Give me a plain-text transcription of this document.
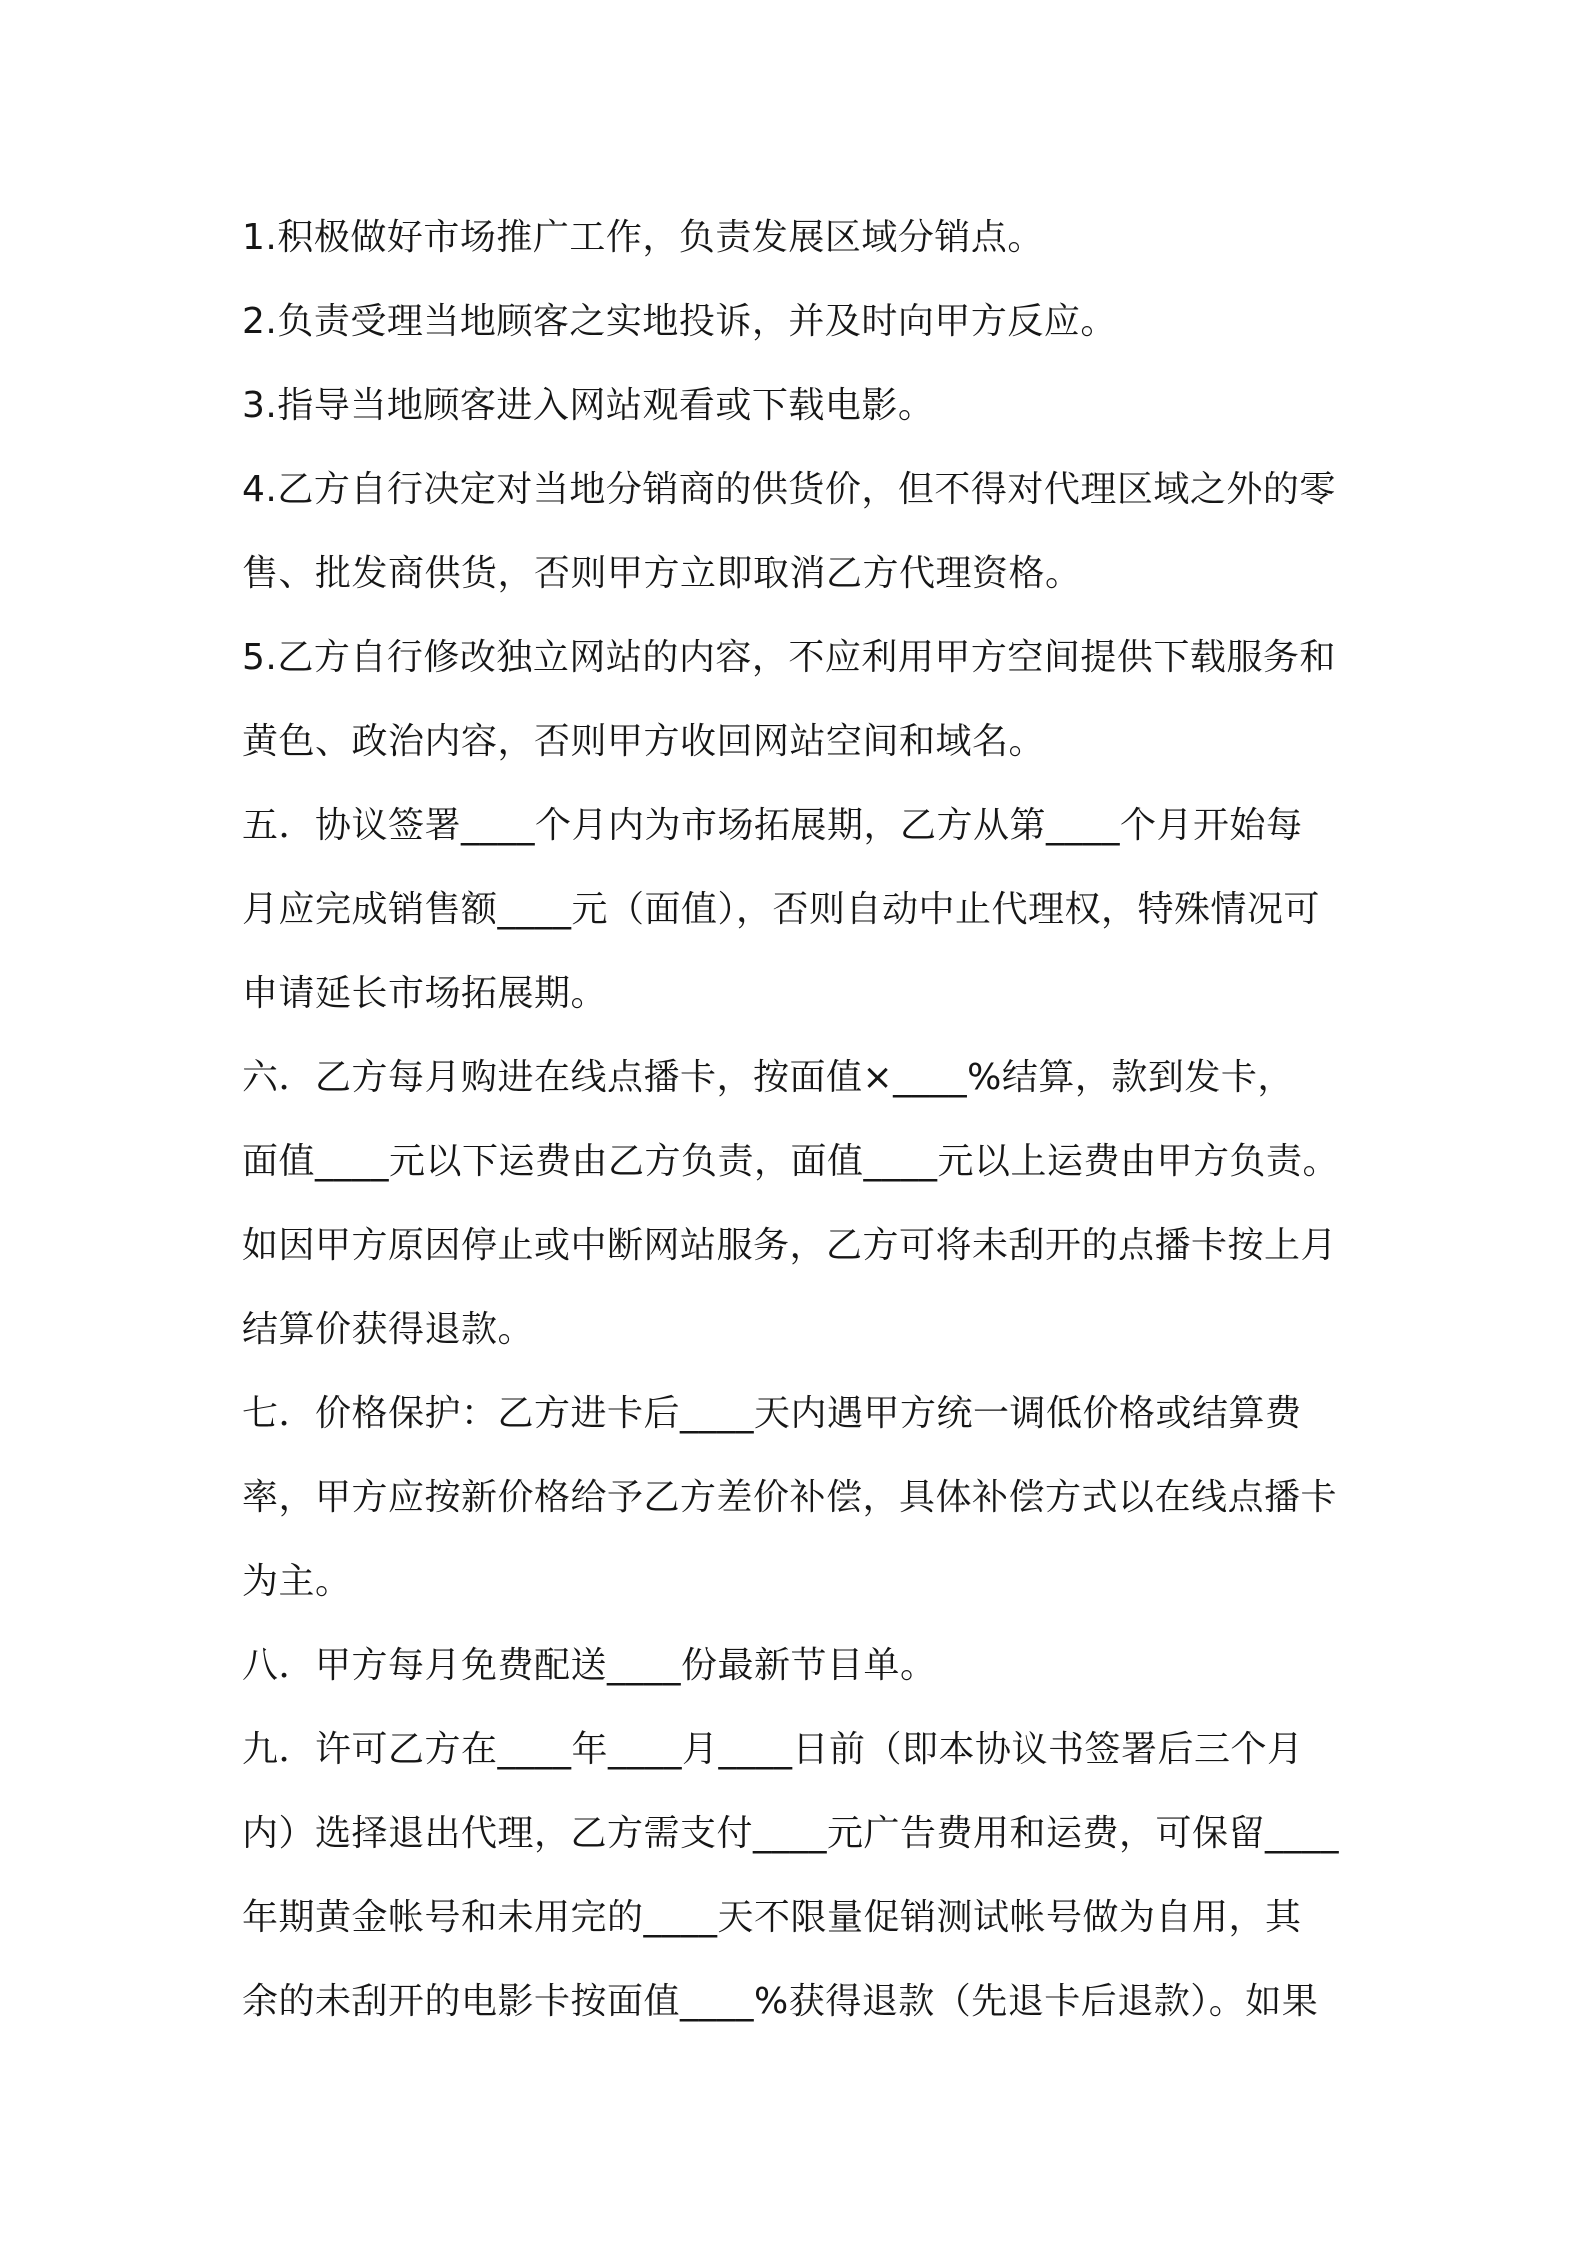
1.积极做好市场推广工作，负责发展区域分销点。
2.负责受理当地顾客之实地投诉，并及时向甲方反应。
3.指导当地顾客进入网站观看或下载电影。
4.乙方自行决定对当地分销商的供货价，但不得对代理区域之外的零
售、批发商供货，否则甲方立即取消乙方代理资格。
5.乙方自行修改独立网站的内容，不应利用甲方空间提供下载服务和
黄色、政治内容，否则甲方收回网站空间和域名。
五．协议签署____个月内为市场拓展期，乙方从第____个月开始每
月应完成销售额____元（面值），否则自动中止代理权，特殊情况可
申请延长市场拓展期。
六．乙方每月购进在线点播卡，按面值×____%结算，款到发卡，
面值____元以下运费由乙方负责，面值____元以上运费由甲方负责。
如因甲方原因停止或中断网站服务，乙方可将未刮开的点播卡按上月
结算价获得退款。
七．价格保护：乙方进卡后____天内遇甲方统一调低价格或结算费
率，甲方应按新价格给予乙方差价补偿，具体补偿方式以在线点播卡
为主。
八．甲方每月免费配送____份最新节目单。
九．许可乙方在____年____月____日前（即本协议书签署后三个月
内）选择退出代理，乙方需支付____元广告费用和运费，可保留____
年期黄金帐号和未用完的____天不限量促销测试帐号做为自用，其
余的未刮开的电影卡按面值____%获得退款（先退卡后退款）。如果
